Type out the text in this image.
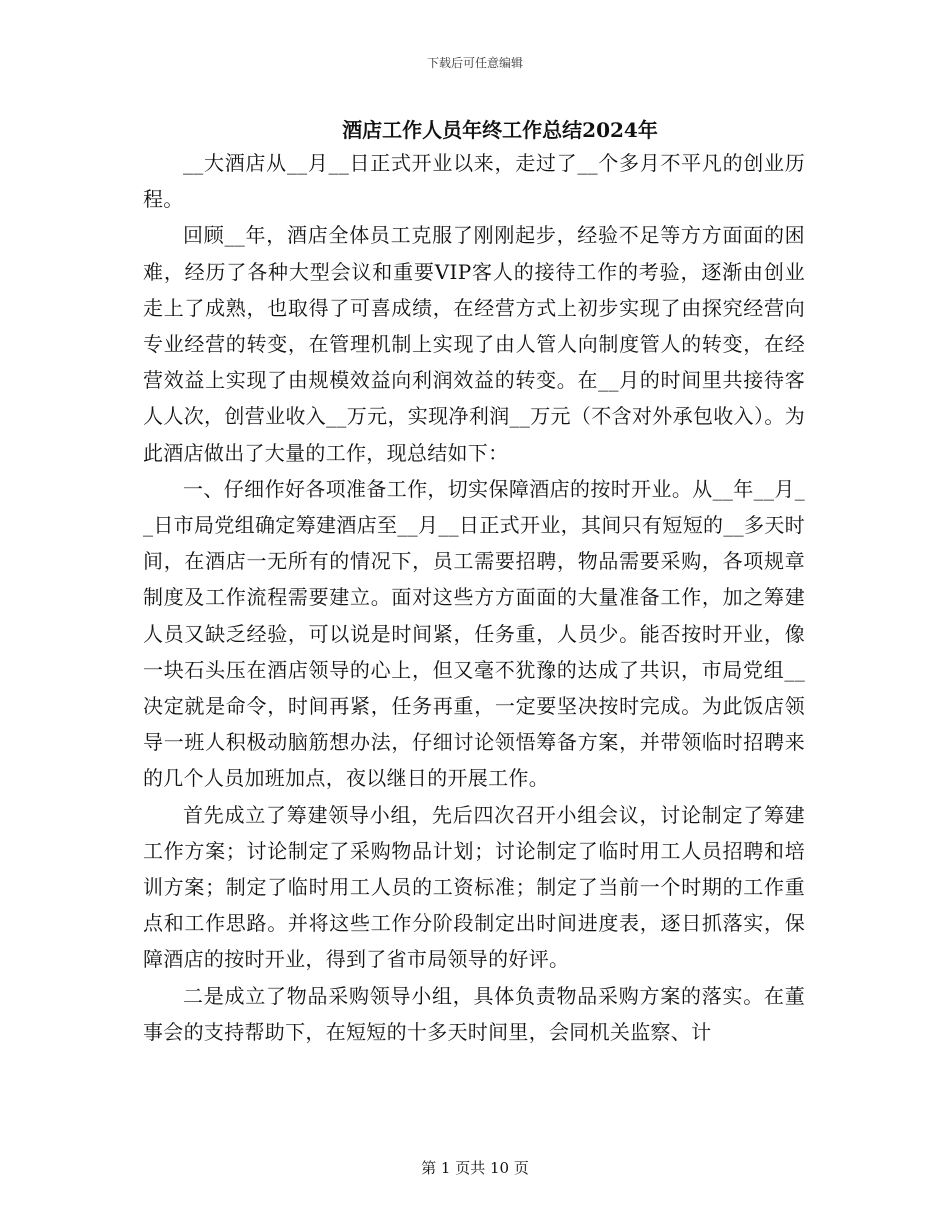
下载后可任意编辑
酒店工作人员年终工作总结2024年

__大酒店从__月__日正式开业以来，走过了__个多月不平凡的创业历程。

回顾__年，酒店全体员工克服了刚刚起步，经验不足等方方面面的困难，经历了各种大型会议和重要VIP客人的接待工作的考验，逐渐由创业走上了成熟，也取得了可喜成绩，在经营方式上初步实现了由探究经营向专业经营的转变，在管理机制上实现了由人管人向制度管人的转变，在经营效益上实现了由规模效益向利润效益的转变。在__月的时间里共接待客人人次，创营业收入__万元，实现净利润__万元（不含对外承包收入）。为此酒店做出了大量的工作，现总结如下：

一、仔细作好各项准备工作，切实保障酒店的按时开业。从__年__月__日市局党组确定筹建酒店至__月__日正式开业，其间只有短短的__多天时间，在酒店一无所有的情况下，员工需要招聘，物品需要采购，各项规章制度及工作流程需要建立。面对这些方方面面的大量准备工作，加之筹建人员又缺乏经验，可以说是时间紧，任务重，人员少。能否按时开业，像一块石头压在酒店领导的心上，但又毫不犹豫的达成了共识，市局党组__决定就是命令，时间再紧，任务再重，一定要坚决按时完成。为此饭店领导一班人积极动脑筋想办法，仔细讨论领悟筹备方案，并带领临时招聘来的几个人员加班加点，夜以继日的开展工作。

首先成立了筹建领导小组，先后四次召开小组会议，讨论制定了筹建工作方案；讨论制定了采购物品计划；讨论制定了临时用工人员招聘和培训方案；制定了临时用工人员的工资标准；制定了当前一个时期的工作重点和工作思路。并将这些工作分阶段制定出时间进度表，逐日抓落实，保障酒店的按时开业，得到了省市局领导的好评。

二是成立了物品采购领导小组，具体负责物品采购方案的落实。在董事会的支持帮助下，在短短的十多天时间里，会同机关监察、计

第 1 页共 10 页
